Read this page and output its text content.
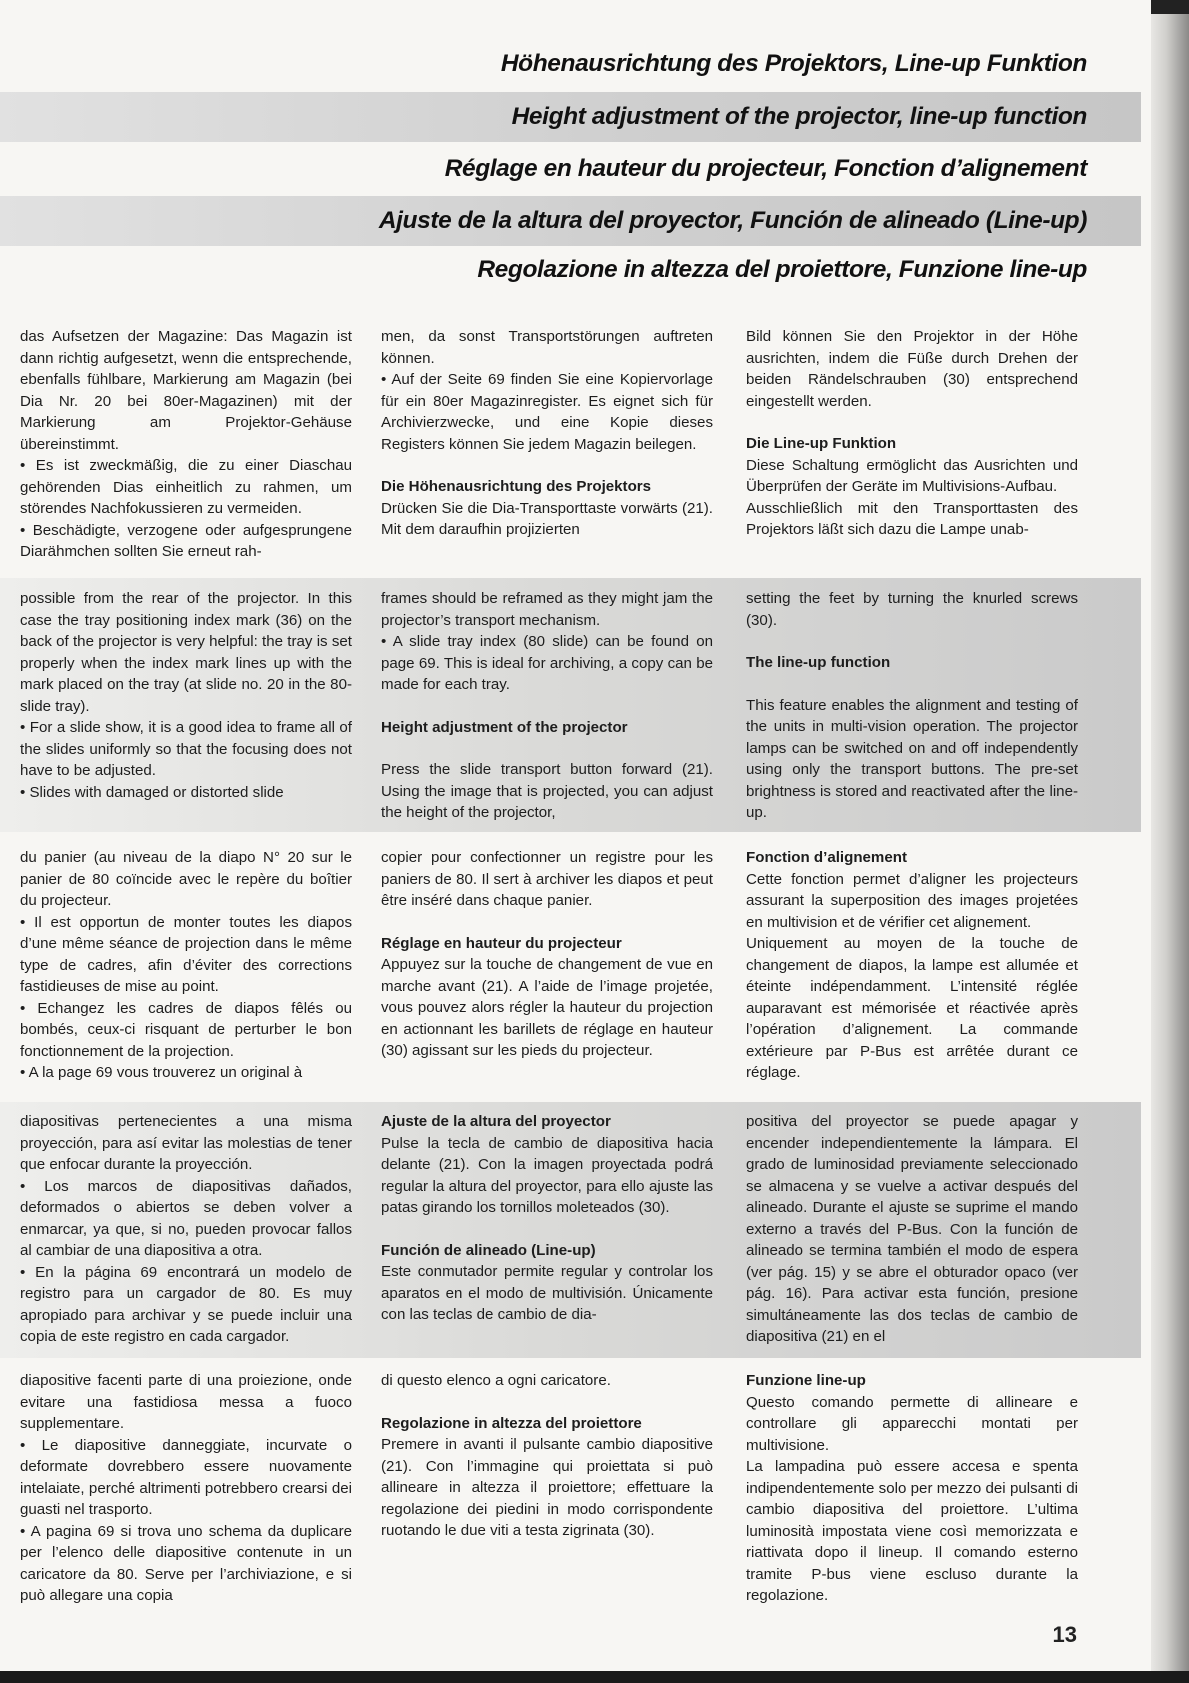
Höhenausrichtung des Projektors, Line-up Funktion
Height adjustment of the projector, line-up function
Réglage en hauteur du projecteur, Fonction d’alignement
Ajuste de la altura del proyector, Función de alineado (Line-up)
Regolazione in altezza del proiettore, Funzione line-up

das Aufsetzen der Magazine: Das Magazin ist dann richtig aufgesetzt, wenn die entsprechende, ebenfalls fühlbare, Markierung am Magazin (bei Dia Nr. 20 bei 80er-Magazinen) mit der Markierung am Projektor-Gehäuse übereinstimmt.

• Es ist zweckmäßig, die zu einer Diaschau gehörenden Dias einheitlich zu rahmen, um störendes Nachfokussieren zu vermeiden.

• Beschädigte, verzogene oder aufgesprungene Diarähmchen sollten Sie erneut rah-

men, da sonst Transportstörungen auftreten können.

• Auf der Seite 69 finden Sie eine Kopiervorlage für ein 80er Magazinregister. Es eignet sich für Archivierzwecke, und eine Kopie dieses Registers können Sie jedem Magazin beilegen.

Die Höhenausrichtung des Projektors

Drücken Sie die Dia-Transporttaste vorwärts (21). Mit dem daraufhin projizierten

Bild können Sie den Projektor in der Höhe ausrichten, indem die Füße durch Drehen der beiden Rändelschrauben (30) entsprechend eingestellt werden.

Die Line-up Funktion

Diese Schaltung ermöglicht das Ausrichten und Überprüfen der Geräte im Multivisions-Aufbau.

Ausschließlich mit den Transporttasten des Projektors läßt sich dazu die Lampe unab-

possible from the rear of the projector. In this case the tray positioning index mark (36) on the back of the projector is very helpful: the tray is set properly when the index mark lines up with the mark placed on the tray (at slide no. 20 in the 80-slide tray).

• For a slide show, it is a good idea to frame all of the slides uniformly so that the focusing does not have to be adjusted.

• Slides with damaged or distorted slide

frames should be reframed as they might jam the projector’s transport mechanism.

• A slide tray index (80 slide) can be found on page 69. This is ideal for archiving, a copy can be made for each tray.

Height adjustment of the projector

Press the slide transport button forward (21). Using the image that is projected, you can adjust the height of the projector,

setting the feet by turning the knurled screws (30).

The line-up function

This feature enables the alignment and testing of the units in multi-vision operation. The projector lamps can be switched on and off independently using only the transport buttons. The pre-set brightness is stored and reactivated after the line-up.

du panier (au niveau de la diapo N° 20 sur le panier de 80 coïncide avec le repère du boîtier du projecteur.

• Il est opportun de monter toutes les diapos d’une même séance de projection dans le même type de cadres, afin d’éviter des corrections fastidieuses de mise au point.

• Echangez les cadres de diapos fêlés ou bombés, ceux-ci risquant de perturber le bon fonctionnement de la projection.

• A la page 69 vous trouverez un original à

copier pour confectionner un registre pour les paniers de 80. Il sert à archiver les diapos et peut être inséré dans chaque panier.

Réglage en hauteur du projecteur

Appuyez sur la touche de changement de vue en marche avant (21). A l’aide de l’image projetée, vous pouvez alors régler la hauteur du projection en actionnant les barillets de réglage en hauteur (30) agissant sur les pieds du projecteur.

Fonction d’alignement

Cette fonction permet d’aligner les projecteurs assurant la superposition des images projetées en multivision et de vérifier cet alignement.

Uniquement au moyen de la touche de changement de diapos, la lampe est allumée et éteinte indépendamment. L’intensité réglée auparavant est mémorisée et réactivée après l’opération d’alignement. La commande extérieure par P-Bus est arrêtée durant ce réglage.

diapositivas pertenecientes a una misma proyección, para así evitar las molestias de tener que enfocar durante la proyección.

• Los marcos de diapositivas dañados, deformados o abiertos se deben volver a enmarcar, ya que, si no, pueden provocar fallos al cambiar de una diapositiva a otra.

• En la página 69 encontrará un modelo de registro para un cargador de 80. Es muy apropiado para archivar y se puede incluir una copia de este registro en cada cargador.

Ajuste de la altura del proyector

Pulse la tecla de cambio de diapositiva hacia delante (21). Con la imagen proyectada podrá regular la altura del proyector, para ello ajuste las patas girando los tornillos moleteados (30).

Función de alineado (Line-up)

Este conmutador permite regular y controlar los aparatos en el modo de multivisión. Únicamente con las teclas de cambio de dia-

positiva del proyector se puede apagar y encender independientemente la lámpara. El grado de luminosidad previamente seleccionado se almacena y se vuelve a activar después del alineado. Durante el ajuste se suprime el mando externo a través del P-Bus. Con la función de alineado se termina también el modo de espera (ver pág. 15) y se abre el obturador opaco (ver pág. 16). Para activar esta función, presione simultáneamente las dos teclas de cambio de diapositiva (21) en el

diapositive facenti parte di una proiezione, onde evitare una fastidiosa messa a fuoco supplementare.

• Le diapositive danneggiate, incurvate o deformate dovrebbero essere nuovamente intelaiate, perché altrimenti potrebbero crearsi dei guasti nel trasporto.

• A pagina 69 si trova uno schema da duplicare per l’elenco delle diapositive contenute in un caricatore da 80. Serve per l’archiviazione, e si può allegare una copia

di questo elenco a ogni caricatore.

Regolazione in altezza del proiettore

Premere in avanti il pulsante cambio diapositive (21). Con l’immagine qui proiettata si può allineare in altezza il proiettore; effettuare la regolazione dei piedini in modo corrispondente ruotando le due viti a testa zigrinata (30).

Funzione line-up

Questo comando permette di allineare e controllare gli apparecchi montati per multivisione.

La lampadina può essere accesa e spenta indipendentemente solo per mezzo dei pulsanti di cambio diapositiva del proiettore. L’ultima luminosità impostata viene così memorizzata e riattivata dopo il lineup. Il comando esterno tramite P-bus viene escluso durante la regolazione.

13
